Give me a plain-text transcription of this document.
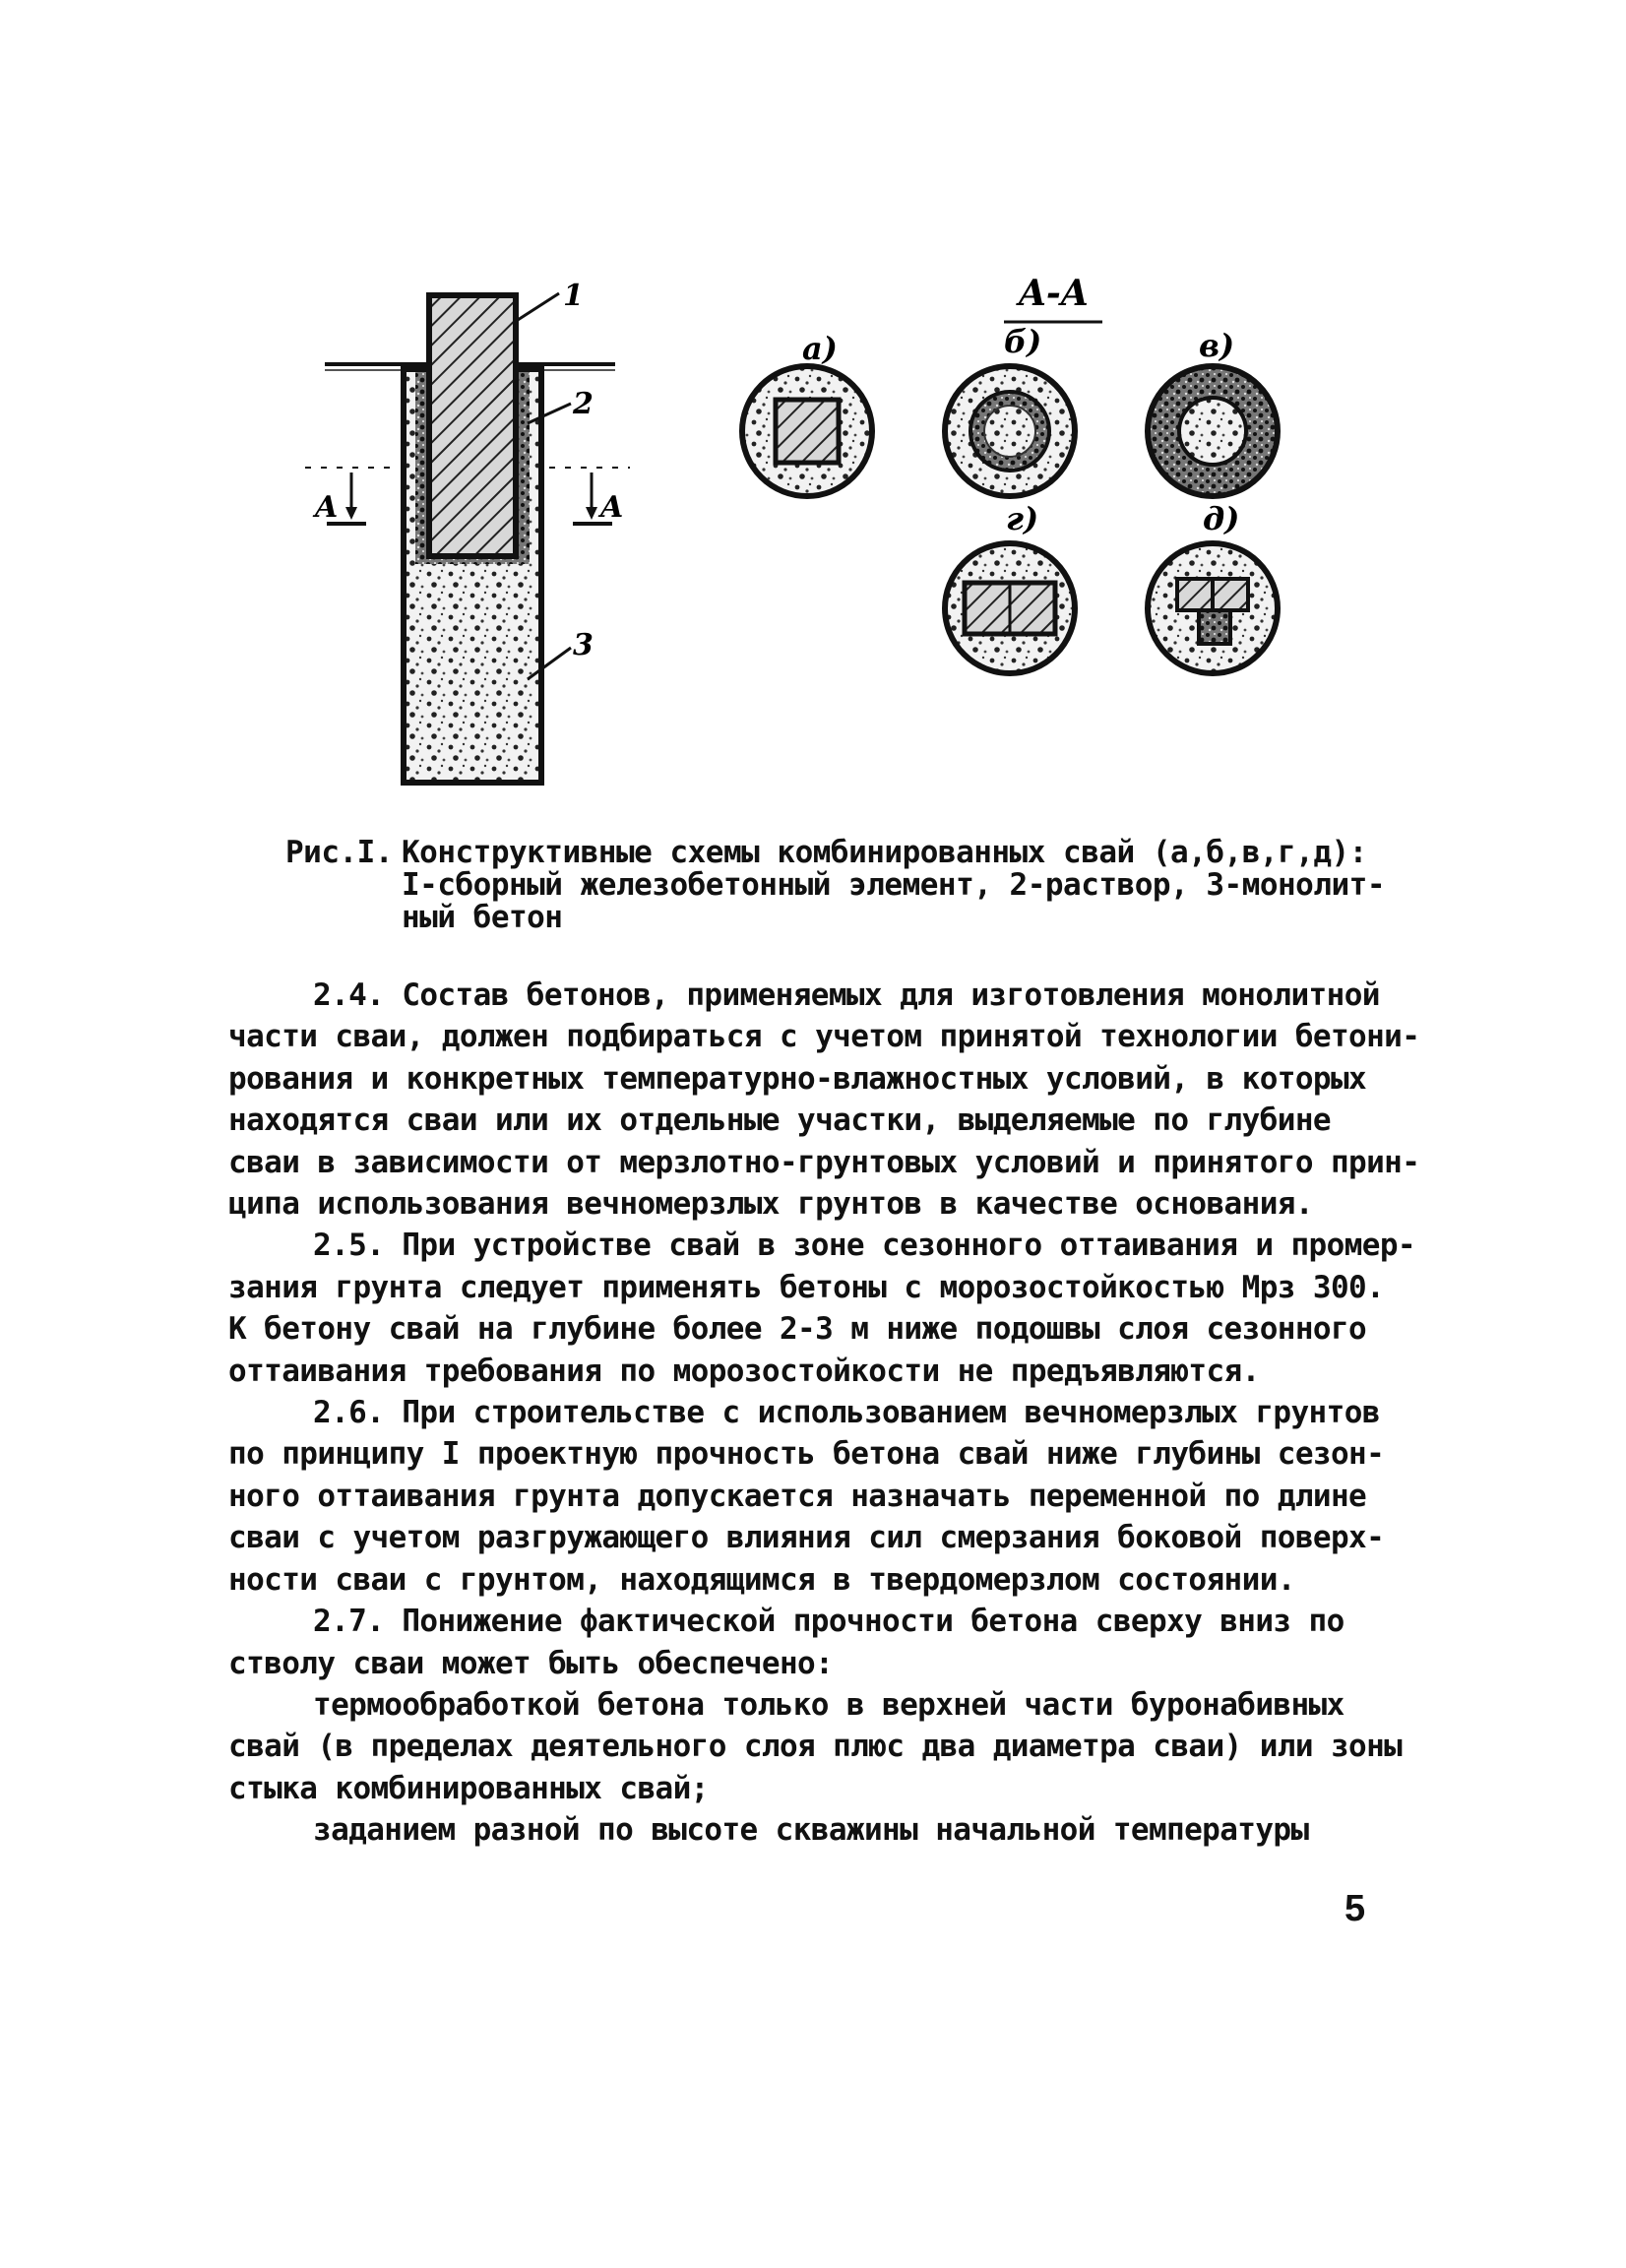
1
2
3
A	A
A-A
а)	б)	в)
г)	д)
Рис.I. Конструктивные схемы комбинированных свай (а,б,в,г,д):
I-сборный железобетонный элемент, 2-раствор, 3-монолит-
ный бетон
2.4. Состав бетонов, применяемых для изготовления монолитной
части сваи, должен подбираться с учетом принятой технологии бетони-
рования и конкретных температурно-влажностных условий, в которых
находятся сваи или их отдельные участки, выделяемые по глубине
сваи в зависимости от мерзлотно-грунтовых условий и принятого прин-
ципа использования вечномерзлых грунтов в качестве основания.
2.5. При устройстве свай в зоне сезонного оттаивания и промер-
зания грунта следует применять бетоны с морозостойкостью Мрз 300.
К бетону свай на глубине более 2-3 м ниже подошвы слоя сезонного
оттаивания требования по морозостойкости не предъявляются.
2.6. При строительстве с использованием вечномерзлых грунтов
по принципу I проектную прочность бетона свай ниже глубины сезон-
ного оттаивания грунта допускается назначать переменной по длине
сваи с учетом разгружающего влияния сил смерзания боковой поверх-
ности сваи с грунтом, находящимся в твердомерзлом состоянии.
2.7. Понижение фактической прочности бетона сверху вниз по
стволу сваи может быть обеспечено:
термообработкой бетона только в верхней части буронабивных
свай (в пределах деятельного слоя плюс два диаметра сваи) или зоны
стыка комбинированных свай;
заданием разной по высоте скважины начальной температуры
5
